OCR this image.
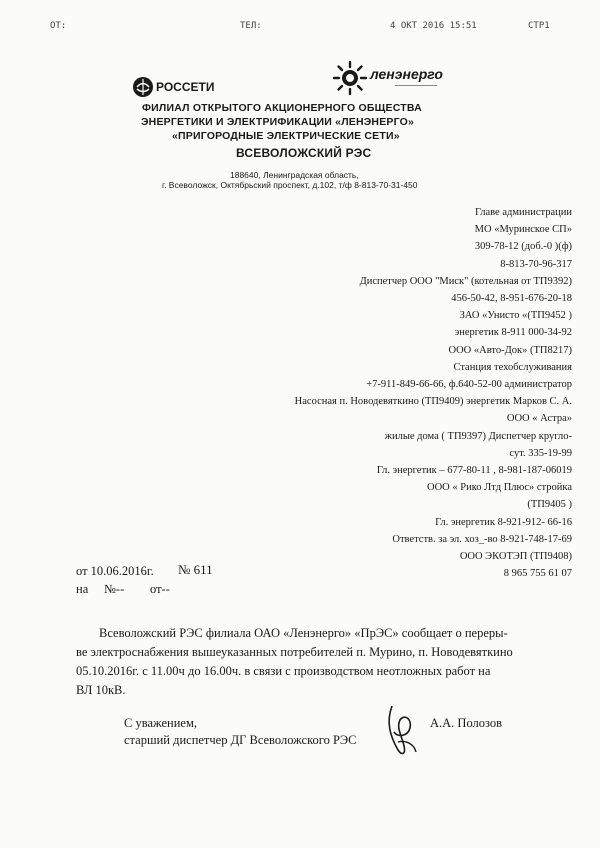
ОТ:	ТЕЛ:	4 ОКТ 2016 15:51	СТР1
РОССЕТИ
ленэнерго
ФИЛИАЛ ОТКРЫТОГО АКЦИОНЕРНОГО ОБЩЕСТВА
ЭНЕРГЕТИКИ И ЭЛЕКТРИФИКАЦИИ «ЛЕНЭНЕРГО»
«ПРИГОРОДНЫЕ ЭЛЕКТРИЧЕСКИЕ СЕТИ»
ВСЕВОЛОЖСКИЙ РЭС
188640, Ленинградская область,
г. Всеволожск, Октябрьский проспект, д.102, т/ф 8-813-70-31-450
Главе администрации
МО «Муринское СП»
309-78-12 (доб.-0 )(ф)
8-813-70-96-317
Диспетчер ООО "Миск" (котельная от ТП9392)
456-50-42, 8-951-676-20-18
ЗАО «Унисто «(ТП9452 )
энергетик 8-911 000-34-92
ООО «Авто-Док» (ТП8217)
Станция техобслуживания
+7-911-849-66-66, ф.640-52-00 администратор
Насосная п. Новодевяткино (ТП9409) энергетик Марков С. А.
ООО « Астра»
жилые дома ( ТП9397) Диспетчер кругло-
сут. 335-19-99
Гл. энергетик – 677-80-11 , 8-981-187-06019
ООО « Рико Лтд Плюс» стройка
(ТП9405 )
Гл. энергетик 8-921-912- 66-16
Ответств. за эл. хоз_-во 8-921-748-17-69
ООО ЭКОТЭП (ТП9408)
8 965 755 61 07
от 10.06.2016г. № 611
на №-- от--
Всеволожский РЭС филиала ОАО «Ленэнерго» «ПрЭС» сообщает о переры-
ве электроснабжения вышеуказанных потребителей п. Мурино, п. Новодевяткино
05.10.2016г. с 11.00ч до 16.00ч. в связи с производством неотложных работ на
ВЛ 10кВ.
С уважением,
старший диспетчер ДГ Всеволожского РЭС
А.А. Полозов
